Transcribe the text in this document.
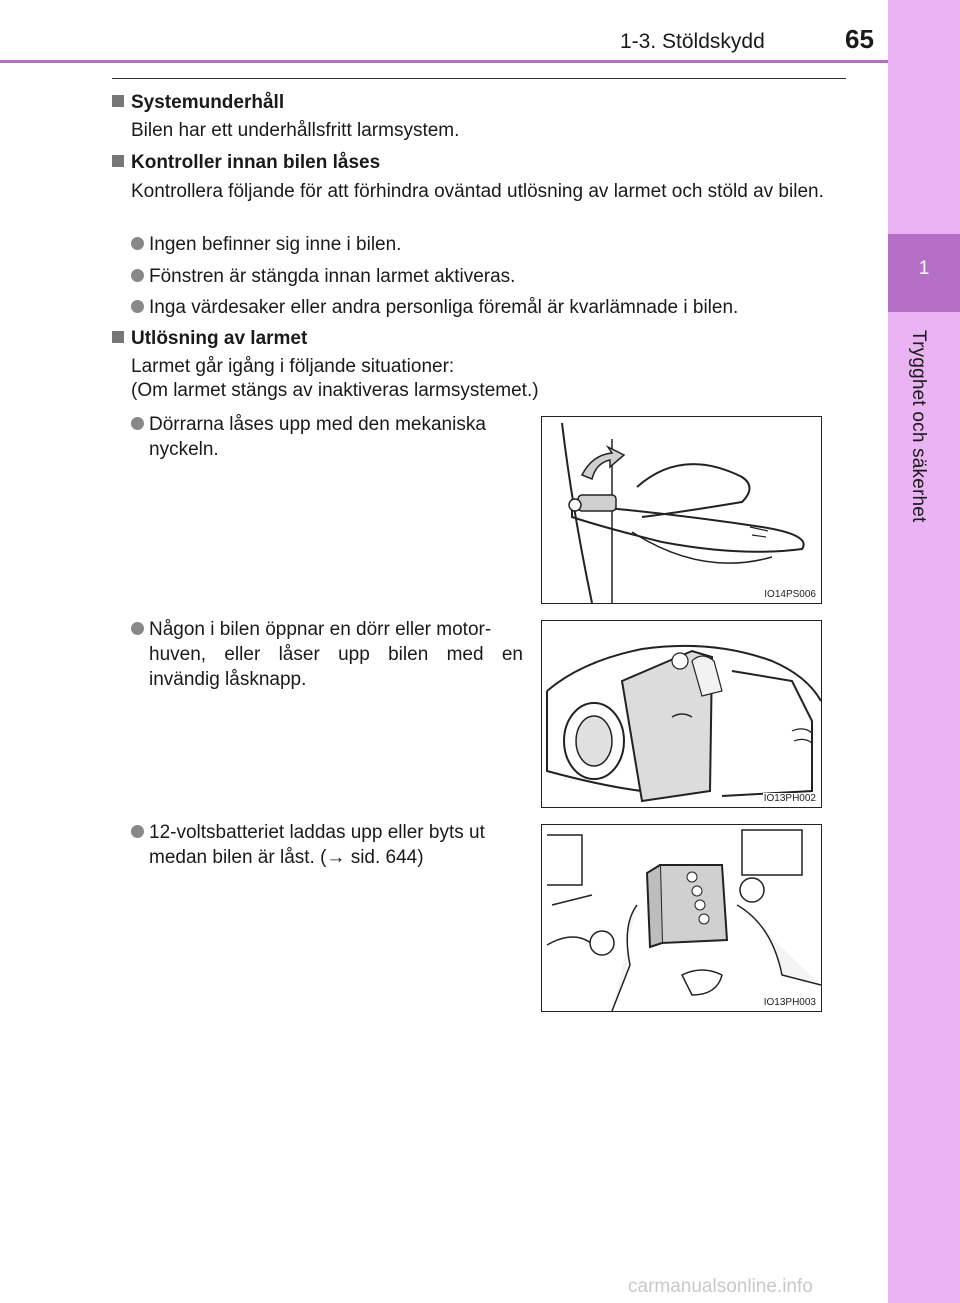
1-3. Stöldskydd	65
1
Trygghet och säkerhet
Systemunderhåll
Bilen har ett underhållsfritt larmsystem.
Kontroller innan bilen låses
Kontrollera följande för att förhindra oväntad utlösning av larmet och stöld av bilen.
Ingen befinner sig inne i bilen.
Fönstren är stängda innan larmet aktiveras.
Inga värdesaker eller andra personliga föremål är kvarlämnade i bilen.
Utlösning av larmet
Larmet går igång i följande situationer:
(Om larmet stängs av inaktiveras larmsystemet.)
Dörrarna låses upp med den mekaniska
nyckeln.
Någon i bilen öppnar en dörr eller motor-
huven, eller låser upp bilen med en
invändig låsknapp.
12-voltsbatteriet laddas upp eller byts ut
medan bilen är låst. (→ sid. 644)
IO14PS006
IO13PH002
IO13PH003
carmanualsonline.info
